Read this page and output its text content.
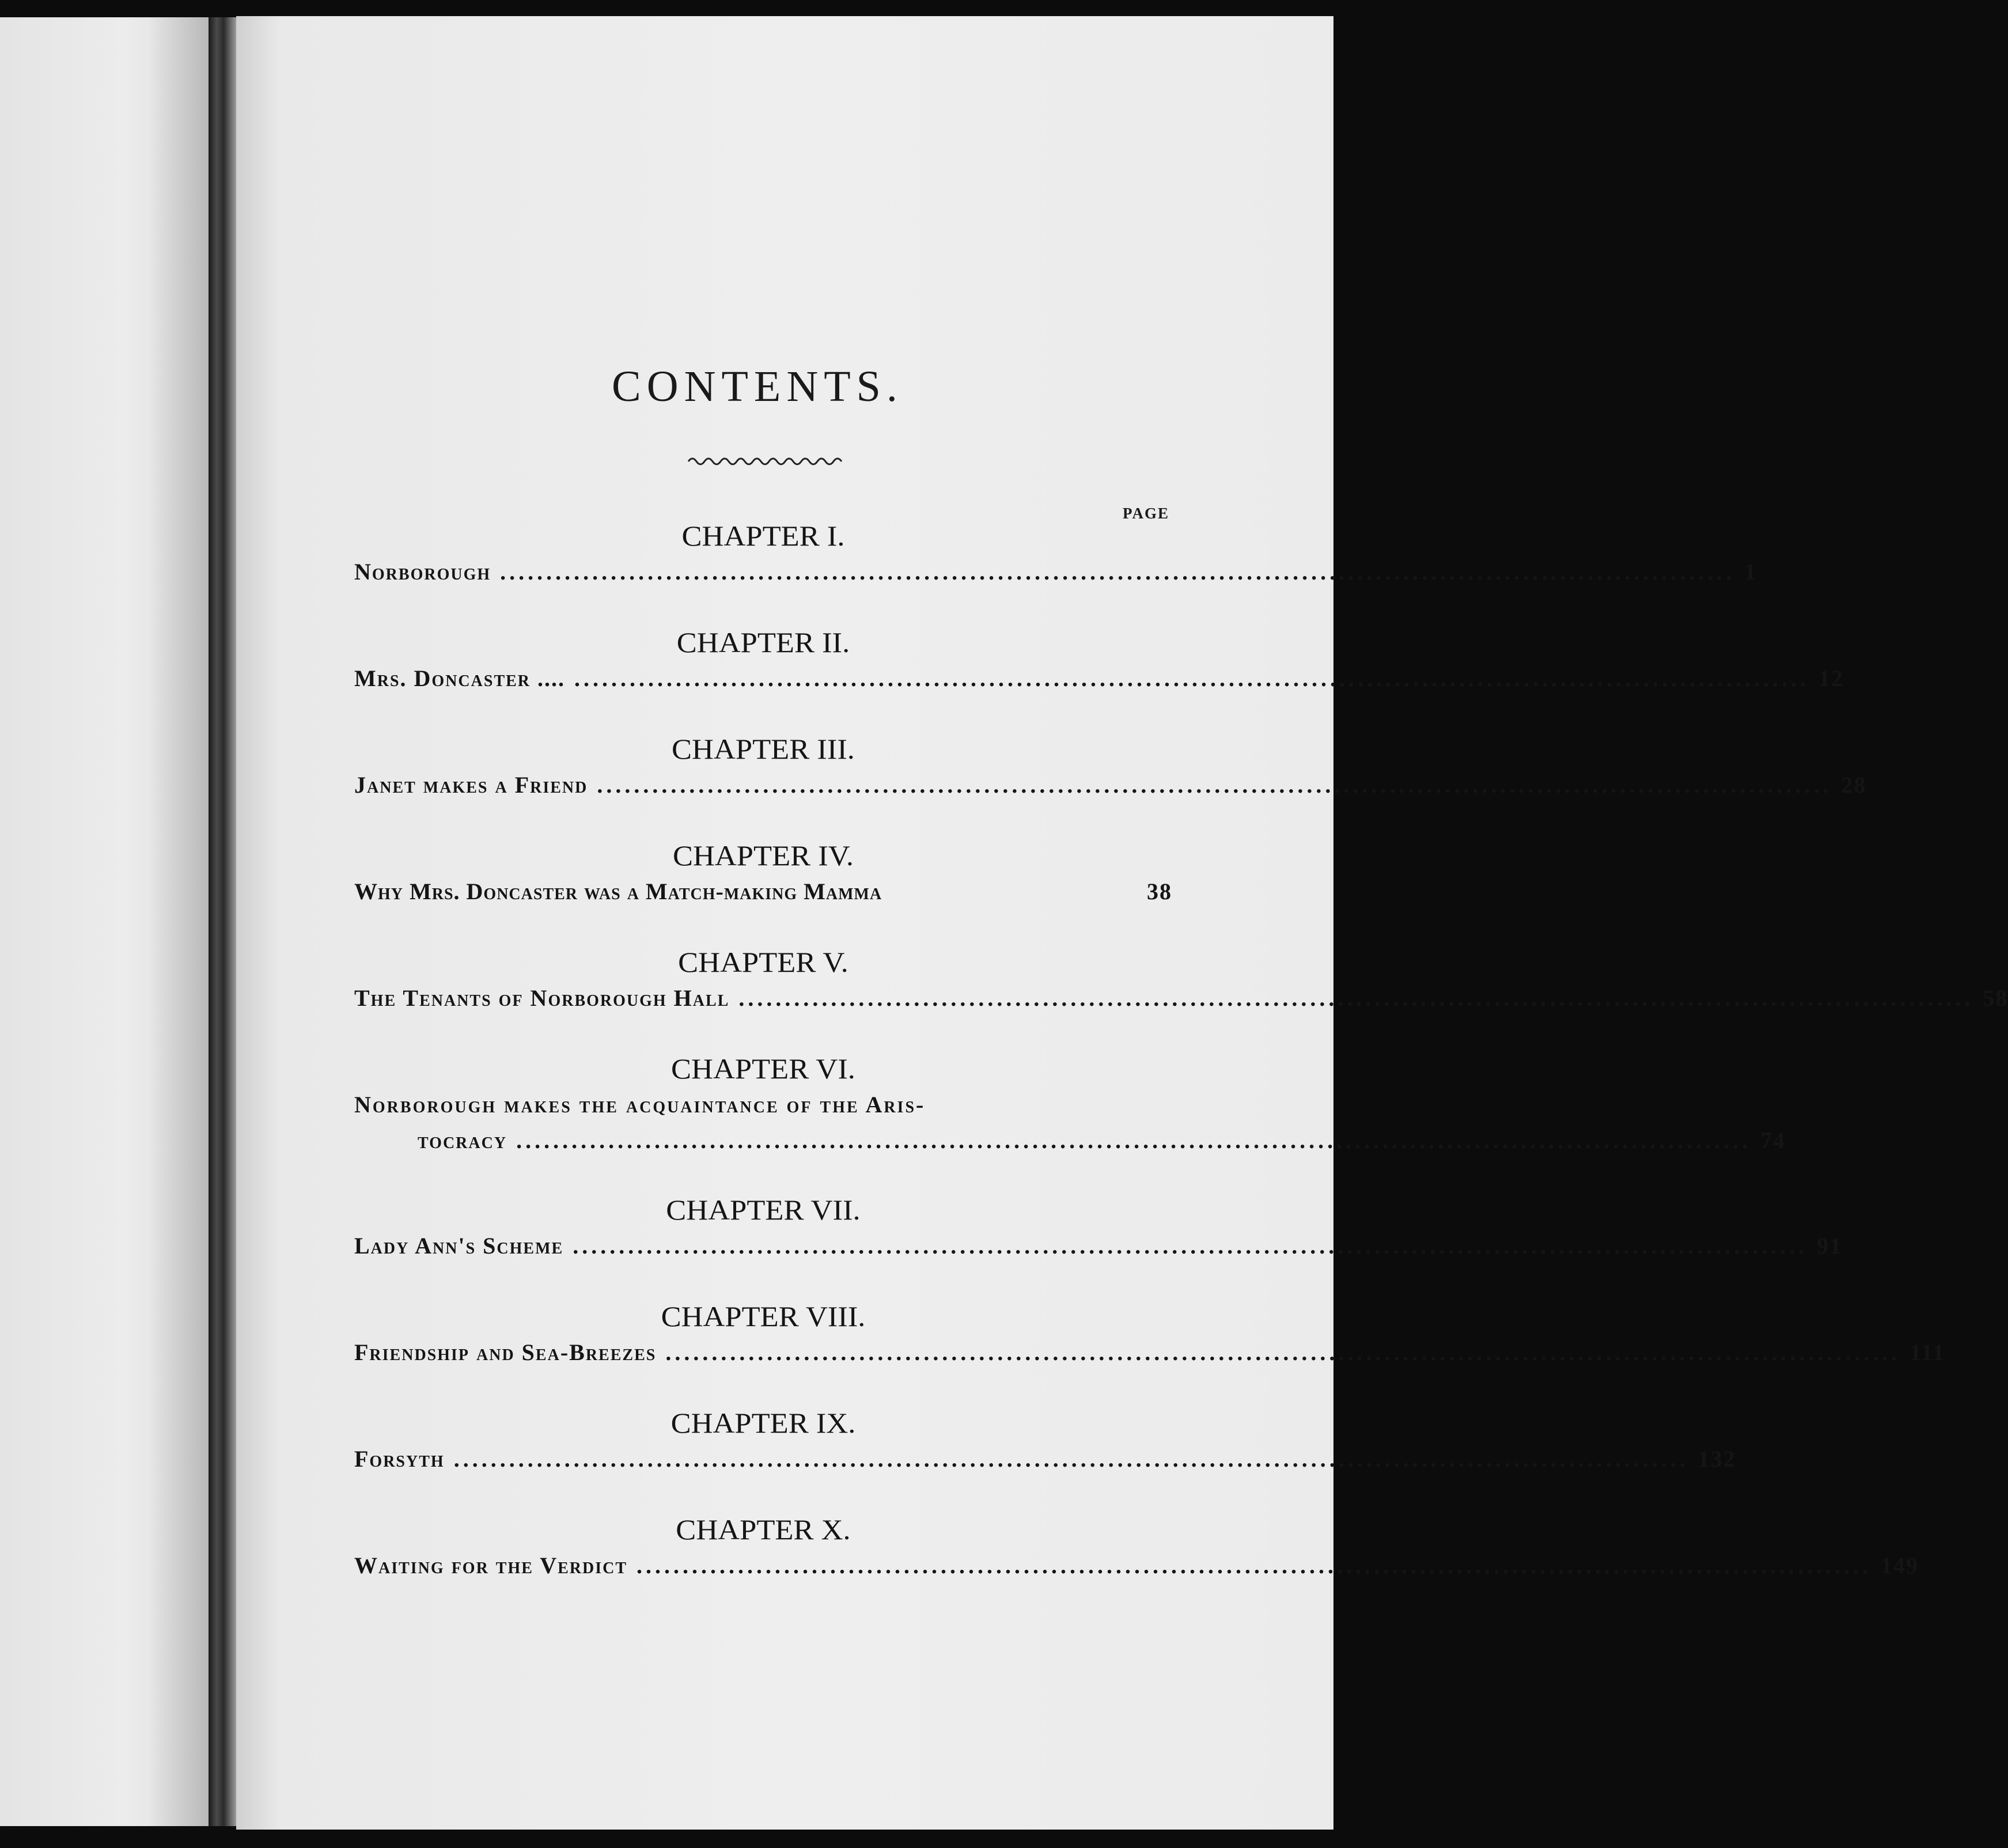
CONTENTS.
PAGE
CHAPTER I.
Norborough ...................................................................................................................................... 1
CHAPTER II.
Mrs. Doncaster .... ...................................................................................................................................... 12
CHAPTER III.
Janet makes a Friend ...................................................................................................................................... 28
CHAPTER IV.
Why Mrs. Doncaster was a Match-making Mamma	38
CHAPTER V.
The Tenants of Norborough Hall ...................................................................................................................................... 58
CHAPTER VI.
Norborough makes the acquaintance of the Aris-
tocracy ...................................................................................................................................... 74
CHAPTER VII.
Lady Ann's Scheme ...................................................................................................................................... 91
CHAPTER VIII.
Friendship and Sea-Breezes ...................................................................................................................................... 111
CHAPTER IX.
Forsyth ...................................................................................................................................... 132
CHAPTER X.
Waiting for the Verdict ...................................................................................................................................... 149
